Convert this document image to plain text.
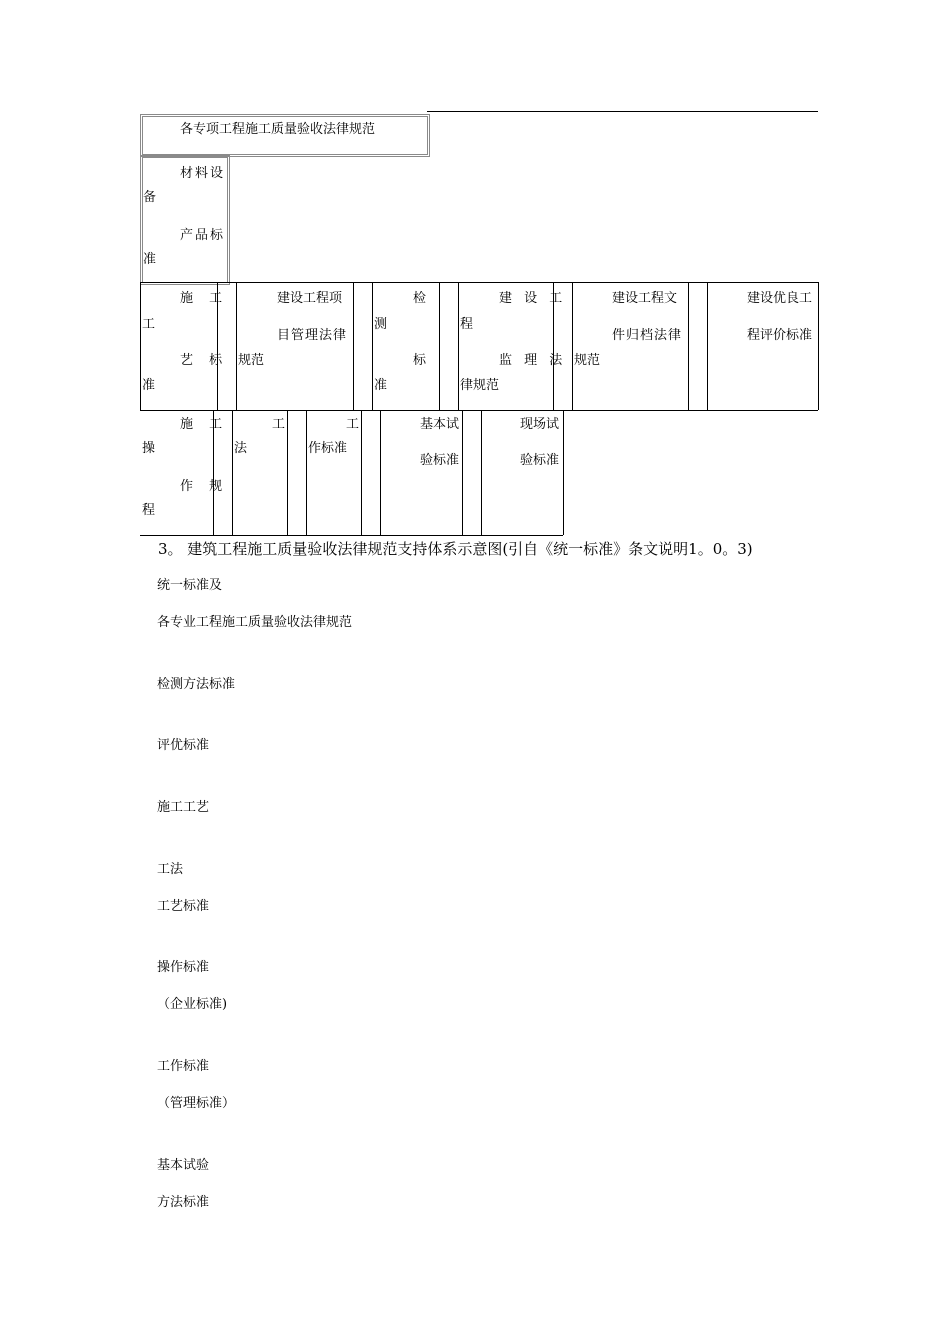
各专项工程施工质量验收法律规范
材料设
备
产品标
准
施 工
工
艺 标
准
建设工程项
目管理法律
规范
检
测
标
准
建 设 工
程
监 理 法
律规范
建设工程文
件归档法律
规范
建设优良工
程评价标准
施 工
操
作 规
程
工
法
工
作标准
基本试
验标准
现场试
验标准
3。 建筑工程施工质量验收法律规范支持体系示意图(引自《统一标准》条文说明1。0。3)
统一标准及
各专业工程施工质量验收法律规范
检测方法标准
评优标准
施工工艺
工法
工艺标准
操作标准
（企业标准)
工作标准
（管理标准）
基本试验
方法标准
